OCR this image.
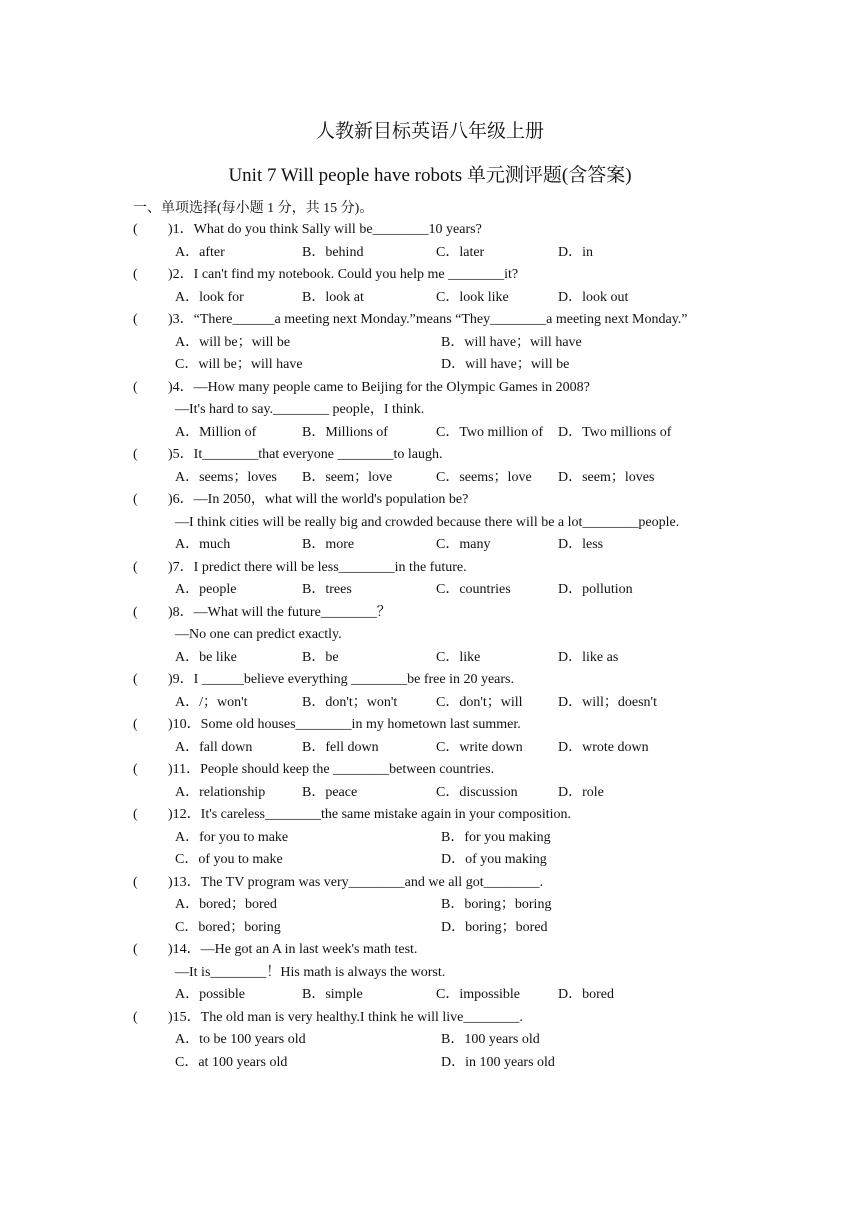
人教新目标英语八年级上册
Unit 7 Will people have robots 单元测评题(含答案)
一、单项选择(每小题 1 分，共 15 分)。
( )1．What do you think Sally will be________10 years?
A．after	B．behind	C．later	D．in
( )2．I can't find my notebook. Could you help me ________it?
A．look for	B．look at	C．look like	D．look out
( )3．“There______a meeting next Monday.”means “They________a meeting next Monday.”
A．will be；will be	B．will have；will have
C．will be；will have	D．will have；will be
( )4．—How many people came to Beijing for the Olympic Games in 2008?
—It's hard to say.________ people，I think.
A．Million of	B．Millions of	C．Two million of D．Two millions of
( )5．It________that everyone ________to laugh.
A．seems；loves B．seem；love	C．seems；love D．seem；loves
( )6．—In 2050，what will the world's population be?
—I think cities will be really big and crowded because there will be a lot________people.
A．much	B．more	C．many	D．less
( )7．I predict there will be less________in the future.
A．people	B．trees	C．countries	D．pollution
( )8．—What will the future________？
—No one can predict exactly.
A．be like	B．be	C．like	D．like as
( )9．I ______believe everything ________be free in 20 years.
A．/；won't	B．don't；won't	C．don't；will	D．will；doesn't
( )10．Some old houses________in my hometown last summer.
A．fall down	B．fell down	C．write down	D．wrote down
( )11．People should keep the ________between countries.
A．relationship	B．peace	C．discussion	D．role
( )12．It's careless________the same mistake again in your composition.
A．for you to make	B．for you making
C．of you to make	D．of you making
( )13．The TV program was very________and we all got________.
A．bored；bored	B．boring；boring
C．bored；boring	D．boring；bored
( )14．—He got an A in last week's math test.
—It is________！His math is always the worst.
A．possible	B．simple	C．impossible	D．bored
( )15．The old man is very healthy.I think he will live________.
A．to be 100 years old	B．100 years old
C．at 100 years old	D．in 100 years old
